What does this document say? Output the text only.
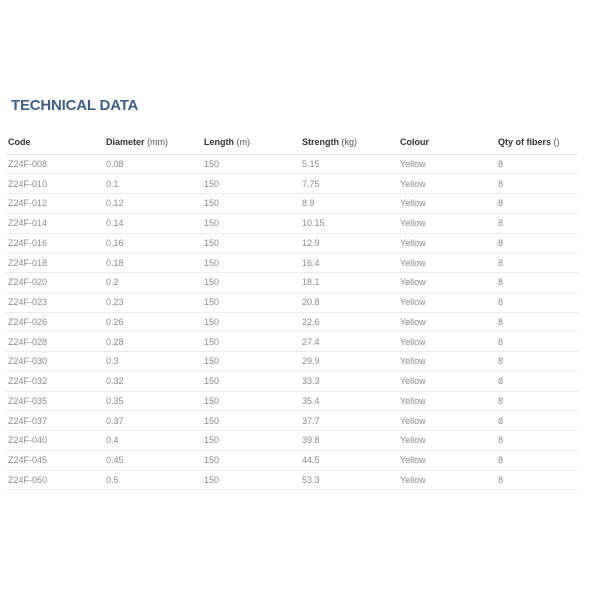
TECHNICAL DATA
Code	Diameter (mm)	Length (m)	Strength (kg)	Colour	Qty of fibers ()
Z24F-008	0.08	150	5.15	Yellow	8
Z24F-010	0.1	150	7.75	Yellow	8
Z24F-012	0.12	150	8.9	Yellow	8
Z24F-014	0.14	150	10.15	Yellow	8
Z24F-016	0.16	150	12.9	Yellow	8
Z24F-018	0.18	150	16.4	Yellow	8
Z24F-020	0.2	150	18.1	Yellow	8
Z24F-023	0.23	150	20.8	Yellow	8
Z24F-026	0.26	150	22.6	Yellow	8
Z24F-028	0.28	150	27.4	Yellow	8
Z24F-030	0.3	150	29.9	Yellow	8
Z24F-032	0.32	150	33.3	Yellow	8
Z24F-035	0.35	150	35.4	Yellow	8
Z24F-037	0.37	150	37.7	Yellow	8
Z24F-040	0.4	150	39.8	Yellow	8
Z24F-045	0.45	150	44.5	Yellow	8
Z24F-050	0.5	150	53.3	Yellow	8
